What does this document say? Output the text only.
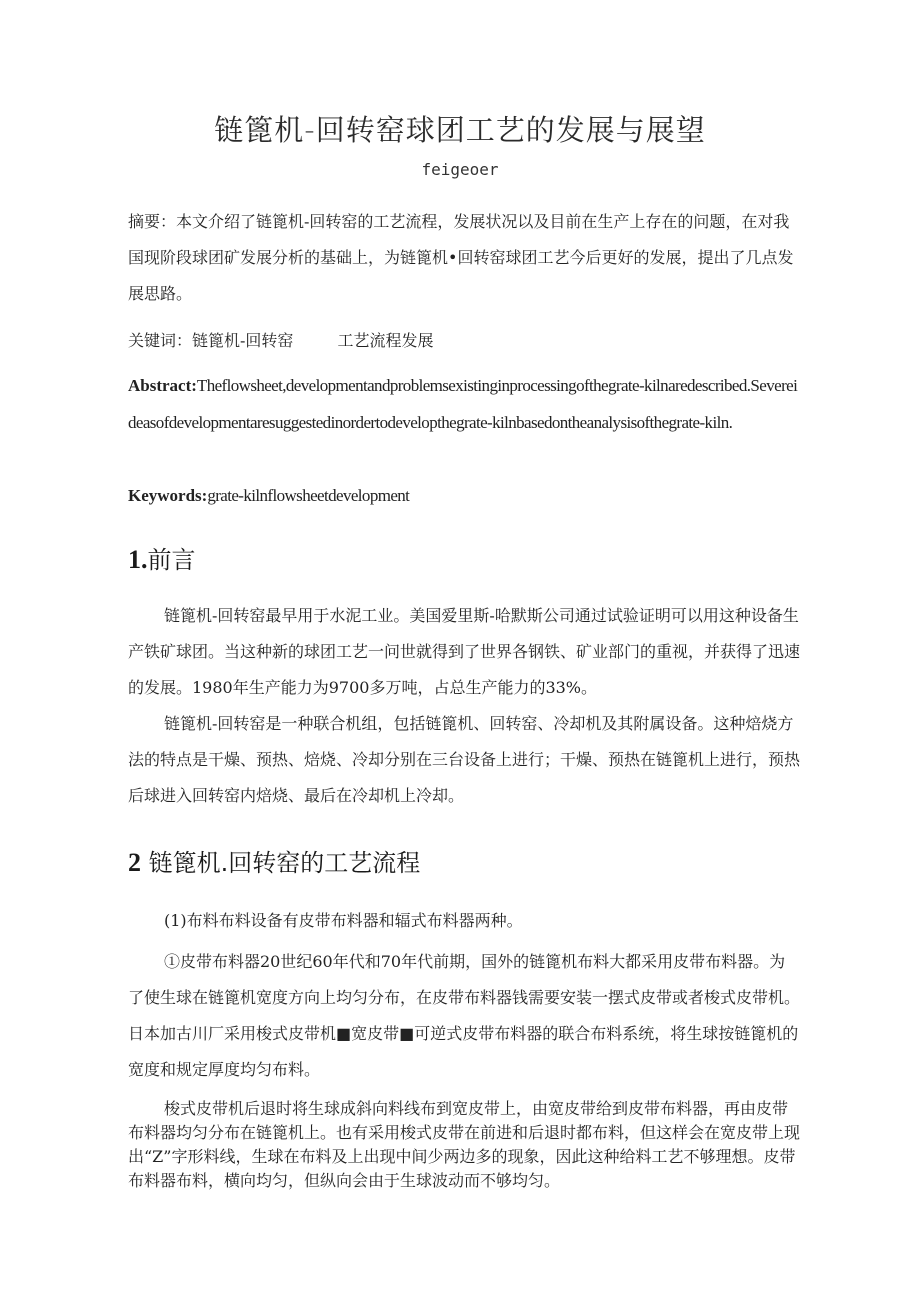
链篦机-回转窑球团工艺的发展与展望
feigeoer
摘要：本文介绍了链篦机-回转窑的工艺流程，发展状况以及目前在生产上存在的问题，在对我国现阶段球团矿发展分析的基础上，为链篦机•回转窑球团工艺今后更好的发展，提出了几点发展思路。
关键词：链篦机-回转窑	工艺流程发展
Abstract:Theflowsheet,developmentandproblemsexistinginprocessingofthegrate-kilnaredescribed.Severeideasofdevelopmentaresuggestedinordertodevelopthegrate-kilnbasedontheanalysisofthegrate-kiln.
Keywords:grate-kilnflowsheetdevelopment
1.前言
链篦机-回转窑最早用于水泥工业。美国爱里斯-哈默斯公司通过试验证明可以用这种设备生产铁矿球团。当这种新的球团工艺一问世就得到了世界各钢铁、矿业部门的重视，并获得了迅速的发展。1980年生产能力为9700多万吨，占总生产能力的33%。
链篦机-回转窑是一种联合机组，包括链篦机、回转窑、冷却机及其附属设备。这种焙烧方法的特点是干燥、预热、焙烧、冷却分别在三台设备上进行；干燥、预热在链篦机上进行，预热后球进入回转窑内焙烧、最后在冷却机上冷却。
2 链篦机.回转窑的工艺流程
(1)布料布料设备有皮带布料器和辐式布料器两种。
①皮带布料器20世纪60年代和70年代前期，国外的链篦机布料大都采用皮带布料器。为了使生球在链篦机宽度方向上均匀分布，在皮带布料器钱需要安装一摆式皮带或者梭式皮带机。日本加古川厂采用梭式皮带机■宽皮带■可逆式皮带布料器的联合布料系统，将生球按链篦机的宽度和规定厚度均匀布料。
梭式皮带机后退时将生球成斜向料线布到宽皮带上，由宽皮带给到皮带布料器，再由皮带布料器均匀分布在链篦机上。也有采用梭式皮带在前进和后退时都布料，但这样会在宽皮带上现出“Z”字形料线，生球在布料及上出现中间少两边多的现象，因此这种给料工艺不够理想。皮带布料器布料，横向均匀，但纵向会由于生球波动而不够均匀。
